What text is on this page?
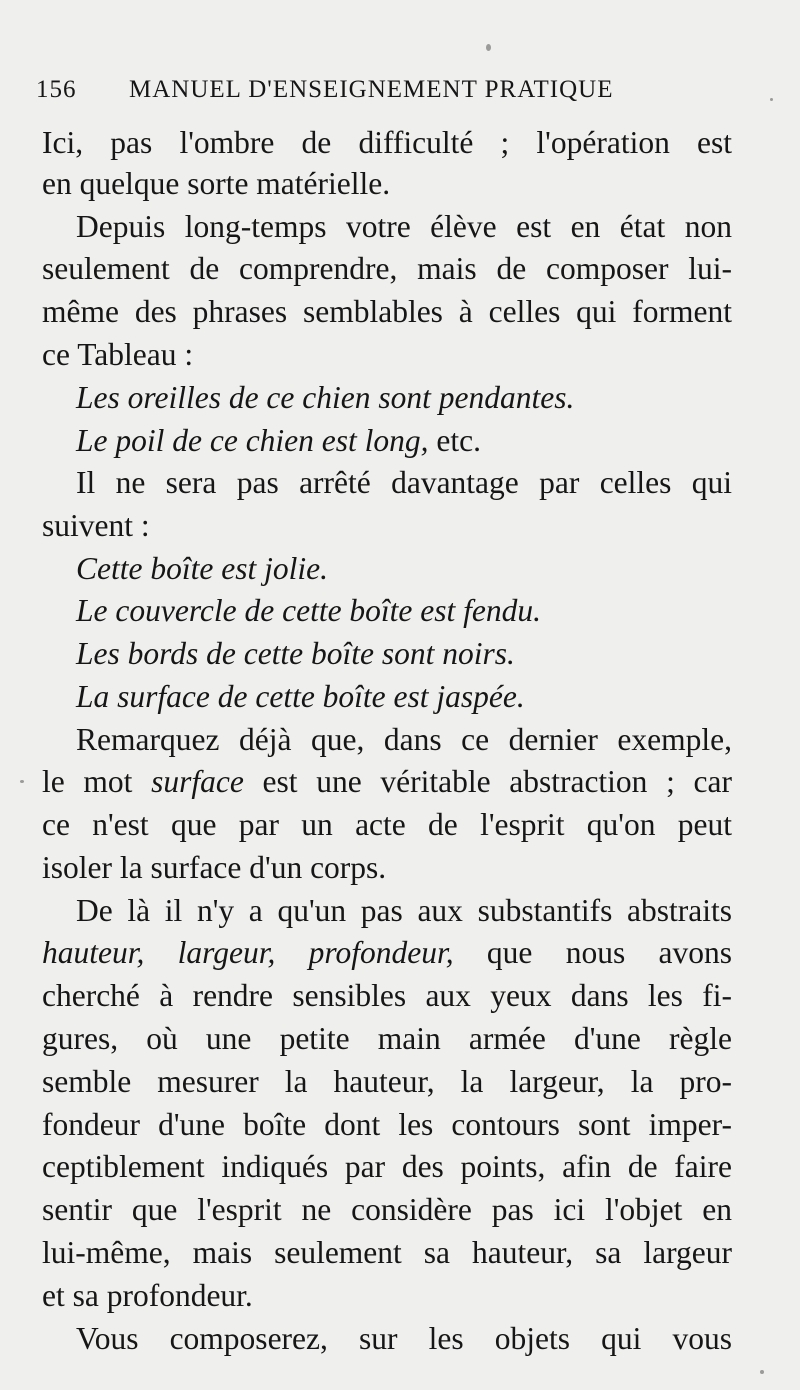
156 MANUEL D'ENSEIGNEMENT PRATIQUE
Ici, pas l'ombre de difficulté ; l'opération est
en quelque sorte matérielle.
Depuis long-temps votre élève est en état non
seulement de comprendre, mais de composer lui-
même des phrases semblables à celles qui forment
ce Tableau :
Les oreilles de ce chien sont pendantes.
Le poil de ce chien est long, etc.
Il ne sera pas arrêté davantage par celles qui
suivent :
Cette boîte est jolie.
Le couvercle de cette boîte est fendu.
Les bords de cette boîte sont noirs.
La surface de cette boîte est jaspée.
Remarquez déjà que, dans ce dernier exemple,
le mot surface est une véritable abstraction ; car
ce n'est que par un acte de l'esprit qu'on peut
isoler la surface d'un corps.
De là il n'y a qu'un pas aux substantifs abstraits
hauteur, largeur, profondeur, que nous avons
cherché à rendre sensibles aux yeux dans les fi-
gures, où une petite main armée d'une règle
semble mesurer la hauteur, la largeur, la pro-
fondeur d'une boîte dont les contours sont imper-
ceptiblement indiqués par des points, afin de faire
sentir que l'esprit ne considère pas ici l'objet en
lui-même, mais seulement sa hauteur, sa largeur
et sa profondeur.
Vous composerez, sur les objets qui vous
